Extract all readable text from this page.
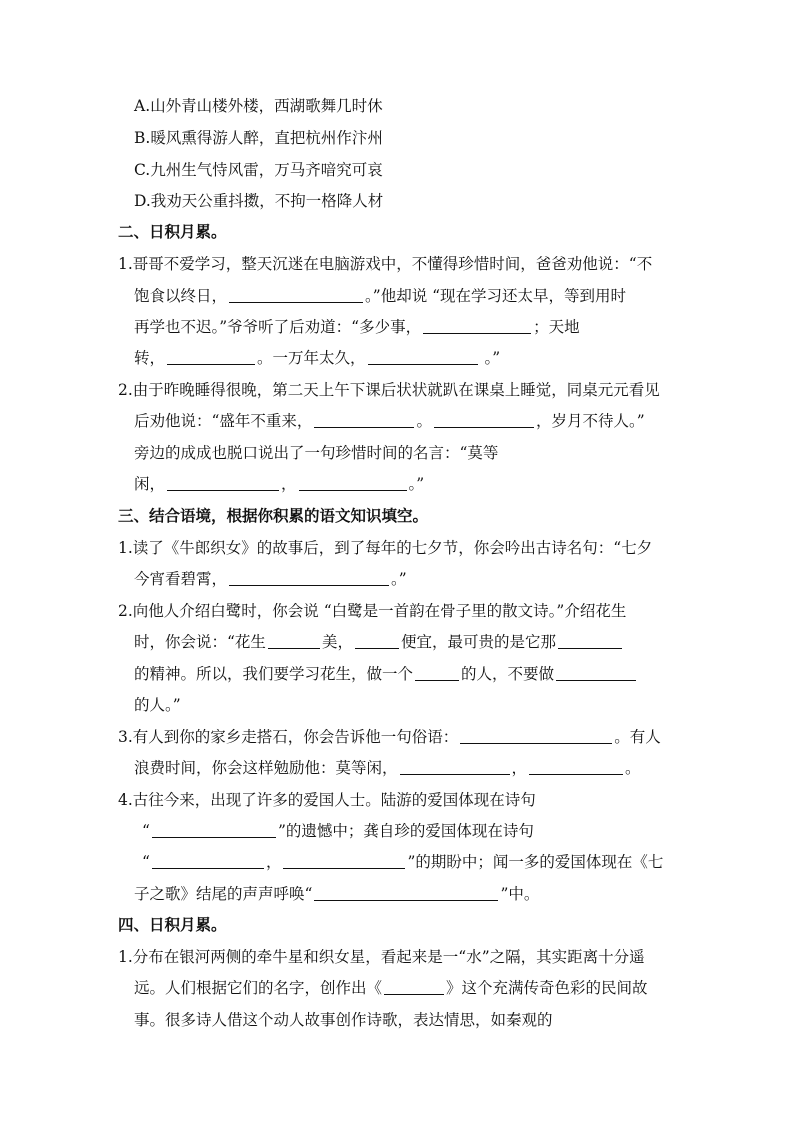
A.山外青山楼外楼，西湖歌舞几时休
B.暖风熏得游人醉，直把杭州作汴州
C.九州生气恃风雷，万马齐喑究可哀
D.我劝天公重抖擞，不拘一格降人材
二、日积月累。
1.哥哥不爱学习，整天沉迷在电脑游戏中，不懂得珍惜时间，爸爸劝他说：“不
饱食以终日，	。”他却说 “现在学习还太早，等到用时
再学也不迟。”爷爷听了后劝道：“多少事，	；天地
转，	。一万年太久，	。”
2.由于昨晚睡得很晚，第二天上午下课后状状就趴在课桌上睡觉，同桌元元看见
后劝他说：“盛年不重来，	。	，岁月不待人。”
旁边的成成也脱口说出了一句珍惜时间的名言：“莫等
闲，	，	。”
三、结合语境，根据你积累的语文知识填空。
1.读了《牛郎织女》的故事后，到了每年的七夕节，你会吟出古诗名句：“七夕
今宵看碧霄，	。”
2.向他人介绍白鹭时，你会说 “白鹭是一首韵在骨子里的散文诗。”介绍花生
时，你会说：“花生	美，	便宜，最可贵的是它那
的精神。所以，我们要学习花生，做一个	的人，不要做
的人。”
3.有人到你的家乡走搭石，你会告诉他一句俗语：	。有人
浪费时间，你会这样勉励他：莫等闲，	，	。
4.古往今来，出现了许多的爱国人士。陆游的爱国体现在诗句
“	”的遗憾中；龚自珍的爱国体现在诗句
“	，	”的期盼中；闻一多的爱国体现在《七
子之歌》结尾的声声呼唤“	”中。
四、日积月累。
1.分布在银河两侧的牵牛星和织女星，看起来是一“水”之隔，其实距离十分遥
远。人们根据它们的名字，创作出《	》这个充满传奇色彩的民间故
事。很多诗人借这个动人故事创作诗歌，表达情思，如秦观的
